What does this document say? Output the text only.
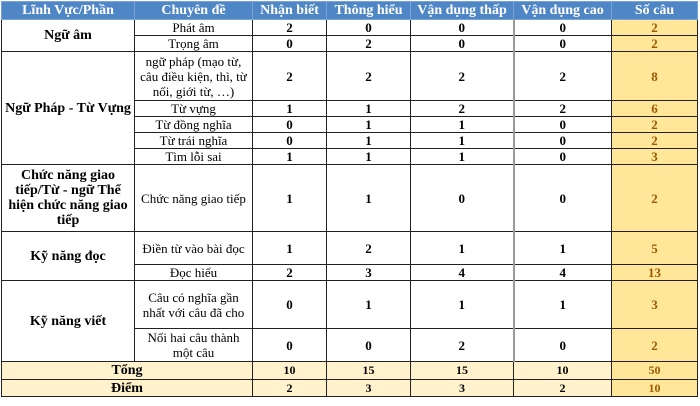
Lĩnh Vực/Phần	Chuyên đề	Nhận biết	Thông hiểu	Vận dụng thấp	Vận dụng cao	Số câu
Ngữ âm	Phát âm	2	0	0	0	2
	Trọng âm	0	2	0	0	2
Ngữ Pháp - Từ Vựng	ngữ pháp (mạo từ, câu điều kiện, thì, từ nối, giới từ, …)	2	2	2	2	8
	Từ vựng	1	1	2	2	6
	Từ đồng nghĩa	0	1	1	0	2
	Từ trái nghĩa	0	1	1	0	2
	Tìm lỗi sai	1	1	1	0	3
Chức năng giao tiếp/Từ - ngữ Thể hiện chức năng giao tiếp	Chức năng giao tiếp	1	1	0	0	2
Kỹ năng đọc	Điền từ vào bài đọc	1	2	1	1	5
	Đọc hiểu	2	3	4	4	13
Kỹ năng viết	Câu có nghĩa gần nhất với câu đã cho	0	1	1	1	3
	Nối hai câu thành một câu	0	0	2	0	2
Tổng		10	15	15	10	50
Điểm		2	3	3	2	10
